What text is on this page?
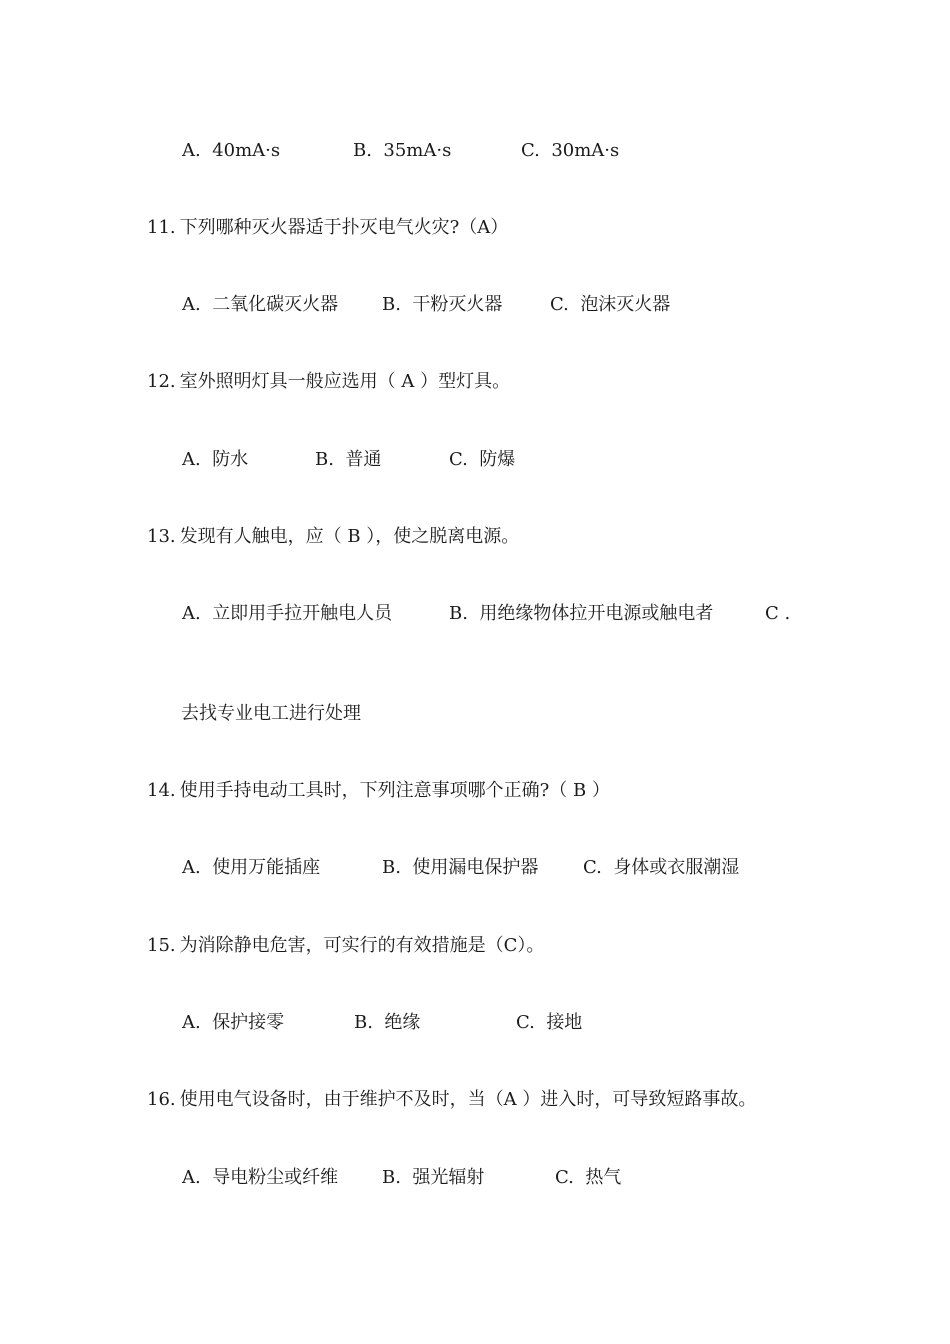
A. 40mA·s	B. 35mA·s	C. 30mA·s
11. 下列哪种灭火器适于扑灭电气火灾?（A）
A. 二氧化碳灭火器 B. 干粉灭火器	C. 泡沫灭火器
12. 室外照明灯具一般应选用（ A ）型灯具。
A. 防水	B. 普通	C. 防爆
13. 发现有人触电，应（ B ），使之脱离电源。
A. 立即用手拉开触电人员	B. 用绝缘物体拉开电源或触电者	C .
去找专业电工进行处理
14. 使用手持电动工具时，下列注意事项哪个正确?（ B ）
A. 使用万能插座	B. 使用漏电保护器 C. 身体或衣服潮湿
15. 为消除静电危害，可实行的有效措施是（C）。
A. 保护接零	B. 绝缘	C. 接地
16. 使用电气设备时，由于维护不及时，当（A ）进入时，可导致短路事故。
A. 导电粉尘或纤维 B. 强光辐射	C. 热气
